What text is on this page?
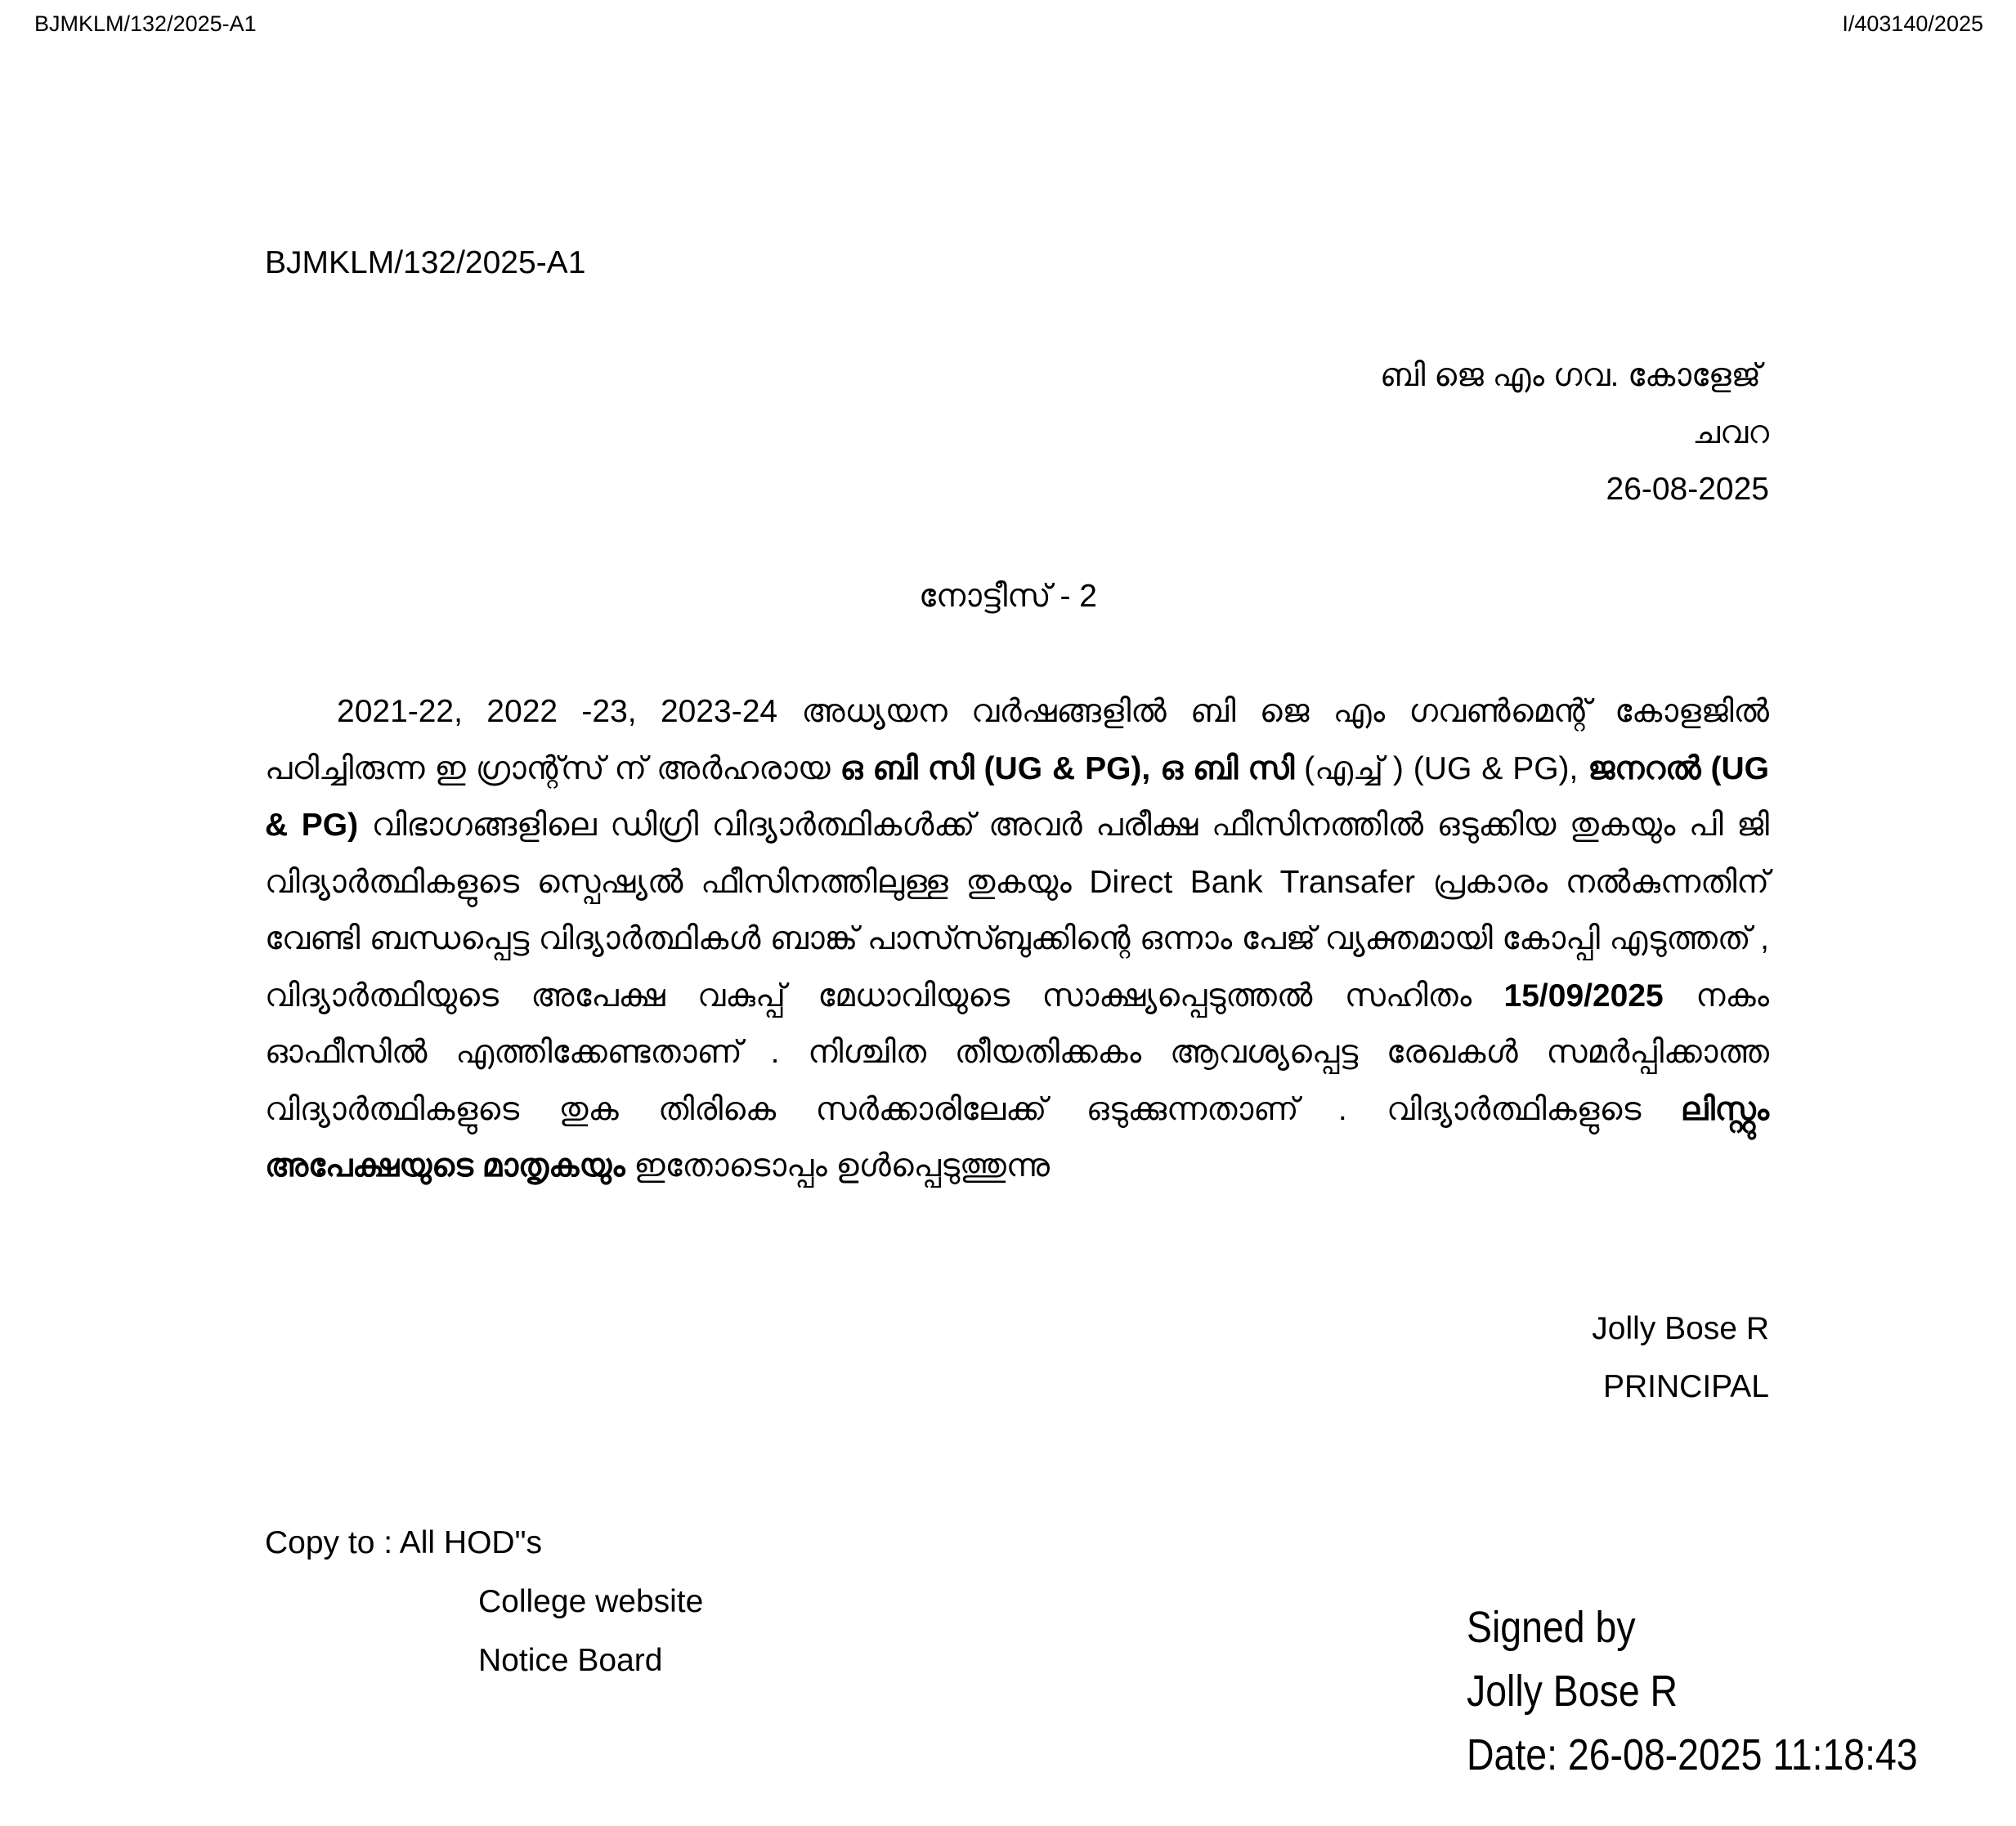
BJMKLM/132/2025-A1	I/403140/2025
BJMKLM/132/2025-A1
ബി ജെ എം ഗവ. കോളേജ്
ചവറ
26-08-2025
നോട്ടീസ് - 2

2021-22, 2022 -23, 2023-24 അധ്യയന വർഷങ്ങളിൽ ബി ജെ എം ഗവൺമെന്റ് കോളജിൽ പഠിച്ചിരുന്ന ഇ ഗ്രാന്റ്സ് ന് അർഹരായ ഒ ബി സി (UG & PG), ഒ ബി സി (എച്ച് ) (UG & PG), ജനറൽ (UG & PG) വിഭാഗങ്ങളിലെ ഡിഗ്രി വിദ്യാർത്ഥികൾക്ക് അവർ പരീക്ഷ ഫീസിനത്തിൽ ഒടുക്കിയ തുകയും പി ജി വിദ്യാർത്ഥികളുടെ സ്പെഷ്യൽ ഫീസിനത്തിലുള്ള തുകയും Direct Bank Transafer പ്രകാരം നൽകുന്നതിന് വേണ്ടി ബന്ധപ്പെട്ട വിദ്യാർത്ഥികൾ ബാങ്ക് പാസ്സ്ബുക്കിന്റെ ഒന്നാം പേജ് വ്യക്തമായി കോപ്പി എടുത്തത് , വിദ്യാർത്ഥിയുടെ അപേക്ഷ വകുപ്പ് മേധാവിയുടെ സാക്ഷ്യപ്പെടുത്തൽ സഹിതം 15/09/2025 നകം ഓഫീസിൽ എത്തിക്കേണ്ടതാണ് . നിശ്ചിത തീയതിക്കകം ആവശ്യപ്പെട്ട രേഖകൾ സമർപ്പിക്കാത്ത വിദ്യാർത്ഥികളുടെ തുക തിരികെ സർക്കാരിലേക്ക് ഒടുക്കുന്നതാണ് . വിദ്യാർത്ഥികളുടെ ലിസ്റ്റും അപേക്ഷയുടെ മാതൃകയും ഇതോടൊപ്പം ഉൾപ്പെടുത്തുന്നു

Jolly Bose R
PRINCIPAL
Copy to : All HOD"s
College website
Notice Board
Signed by
Jolly Bose R
Date: 26-08-2025 11:18:43
